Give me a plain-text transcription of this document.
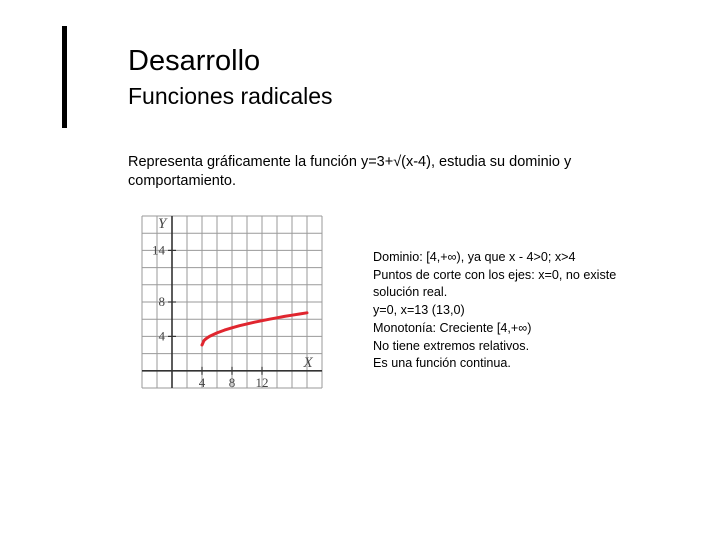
Desarrollo
Funciones radicales
Representa gráficamente la función y=3+√(x-4), estudia su dominio y comportamiento.
Y
X
4 8 12
4
8
14	Dominio: [4,+∞), ya que x - 4>0; x>4
Puntos de corte con los ejes: x=0, no existe
solución real.
y=0, x=13 (13,0)
Monotonía: Creciente [4,+∞)
No tiene extremos relativos.
Es una función continua.
